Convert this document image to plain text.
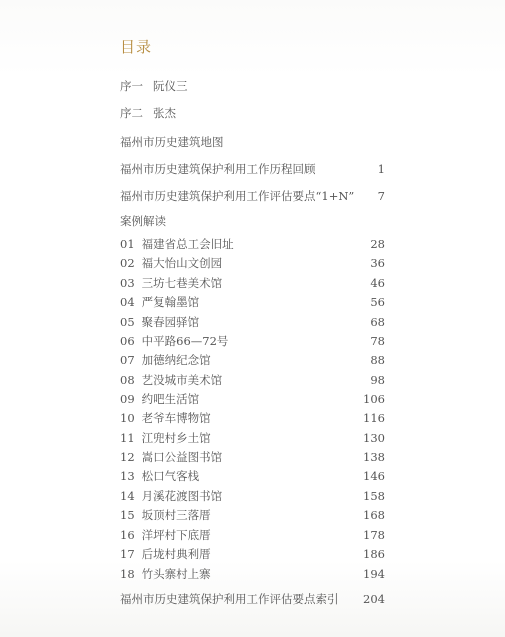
目录
序一 阮仪三
序二 张杰
福州市历史建筑地图
福州市历史建筑保护利用工作历程回顾	1
福州市历史建筑保护利用工作评估要点“1+N” 7
案例解读
01 福建省总工会旧址	28
02 福大怡山文创园	36
03 三坊七巷美术馆	46
04 严复翰墨馆	56
05 聚春园驿馆	68
06 中平路66—72号	78
07 加德纳纪念馆	88
08 艺没城市美术馆	98
09 约吧生活馆	106
10 老爷车博物馆	116
11 江兜村乡土馆	130
12 嵩口公益图书馆	138
13 松口气客栈	146
14 月溪花渡图书馆	158
15 坂顶村三落厝	168
16 洋坪村下底厝	178
17 后垅村典利厝	186
18 竹头寨村上寨	194
福州市历史建筑保护利用工作评估要点索引 204
